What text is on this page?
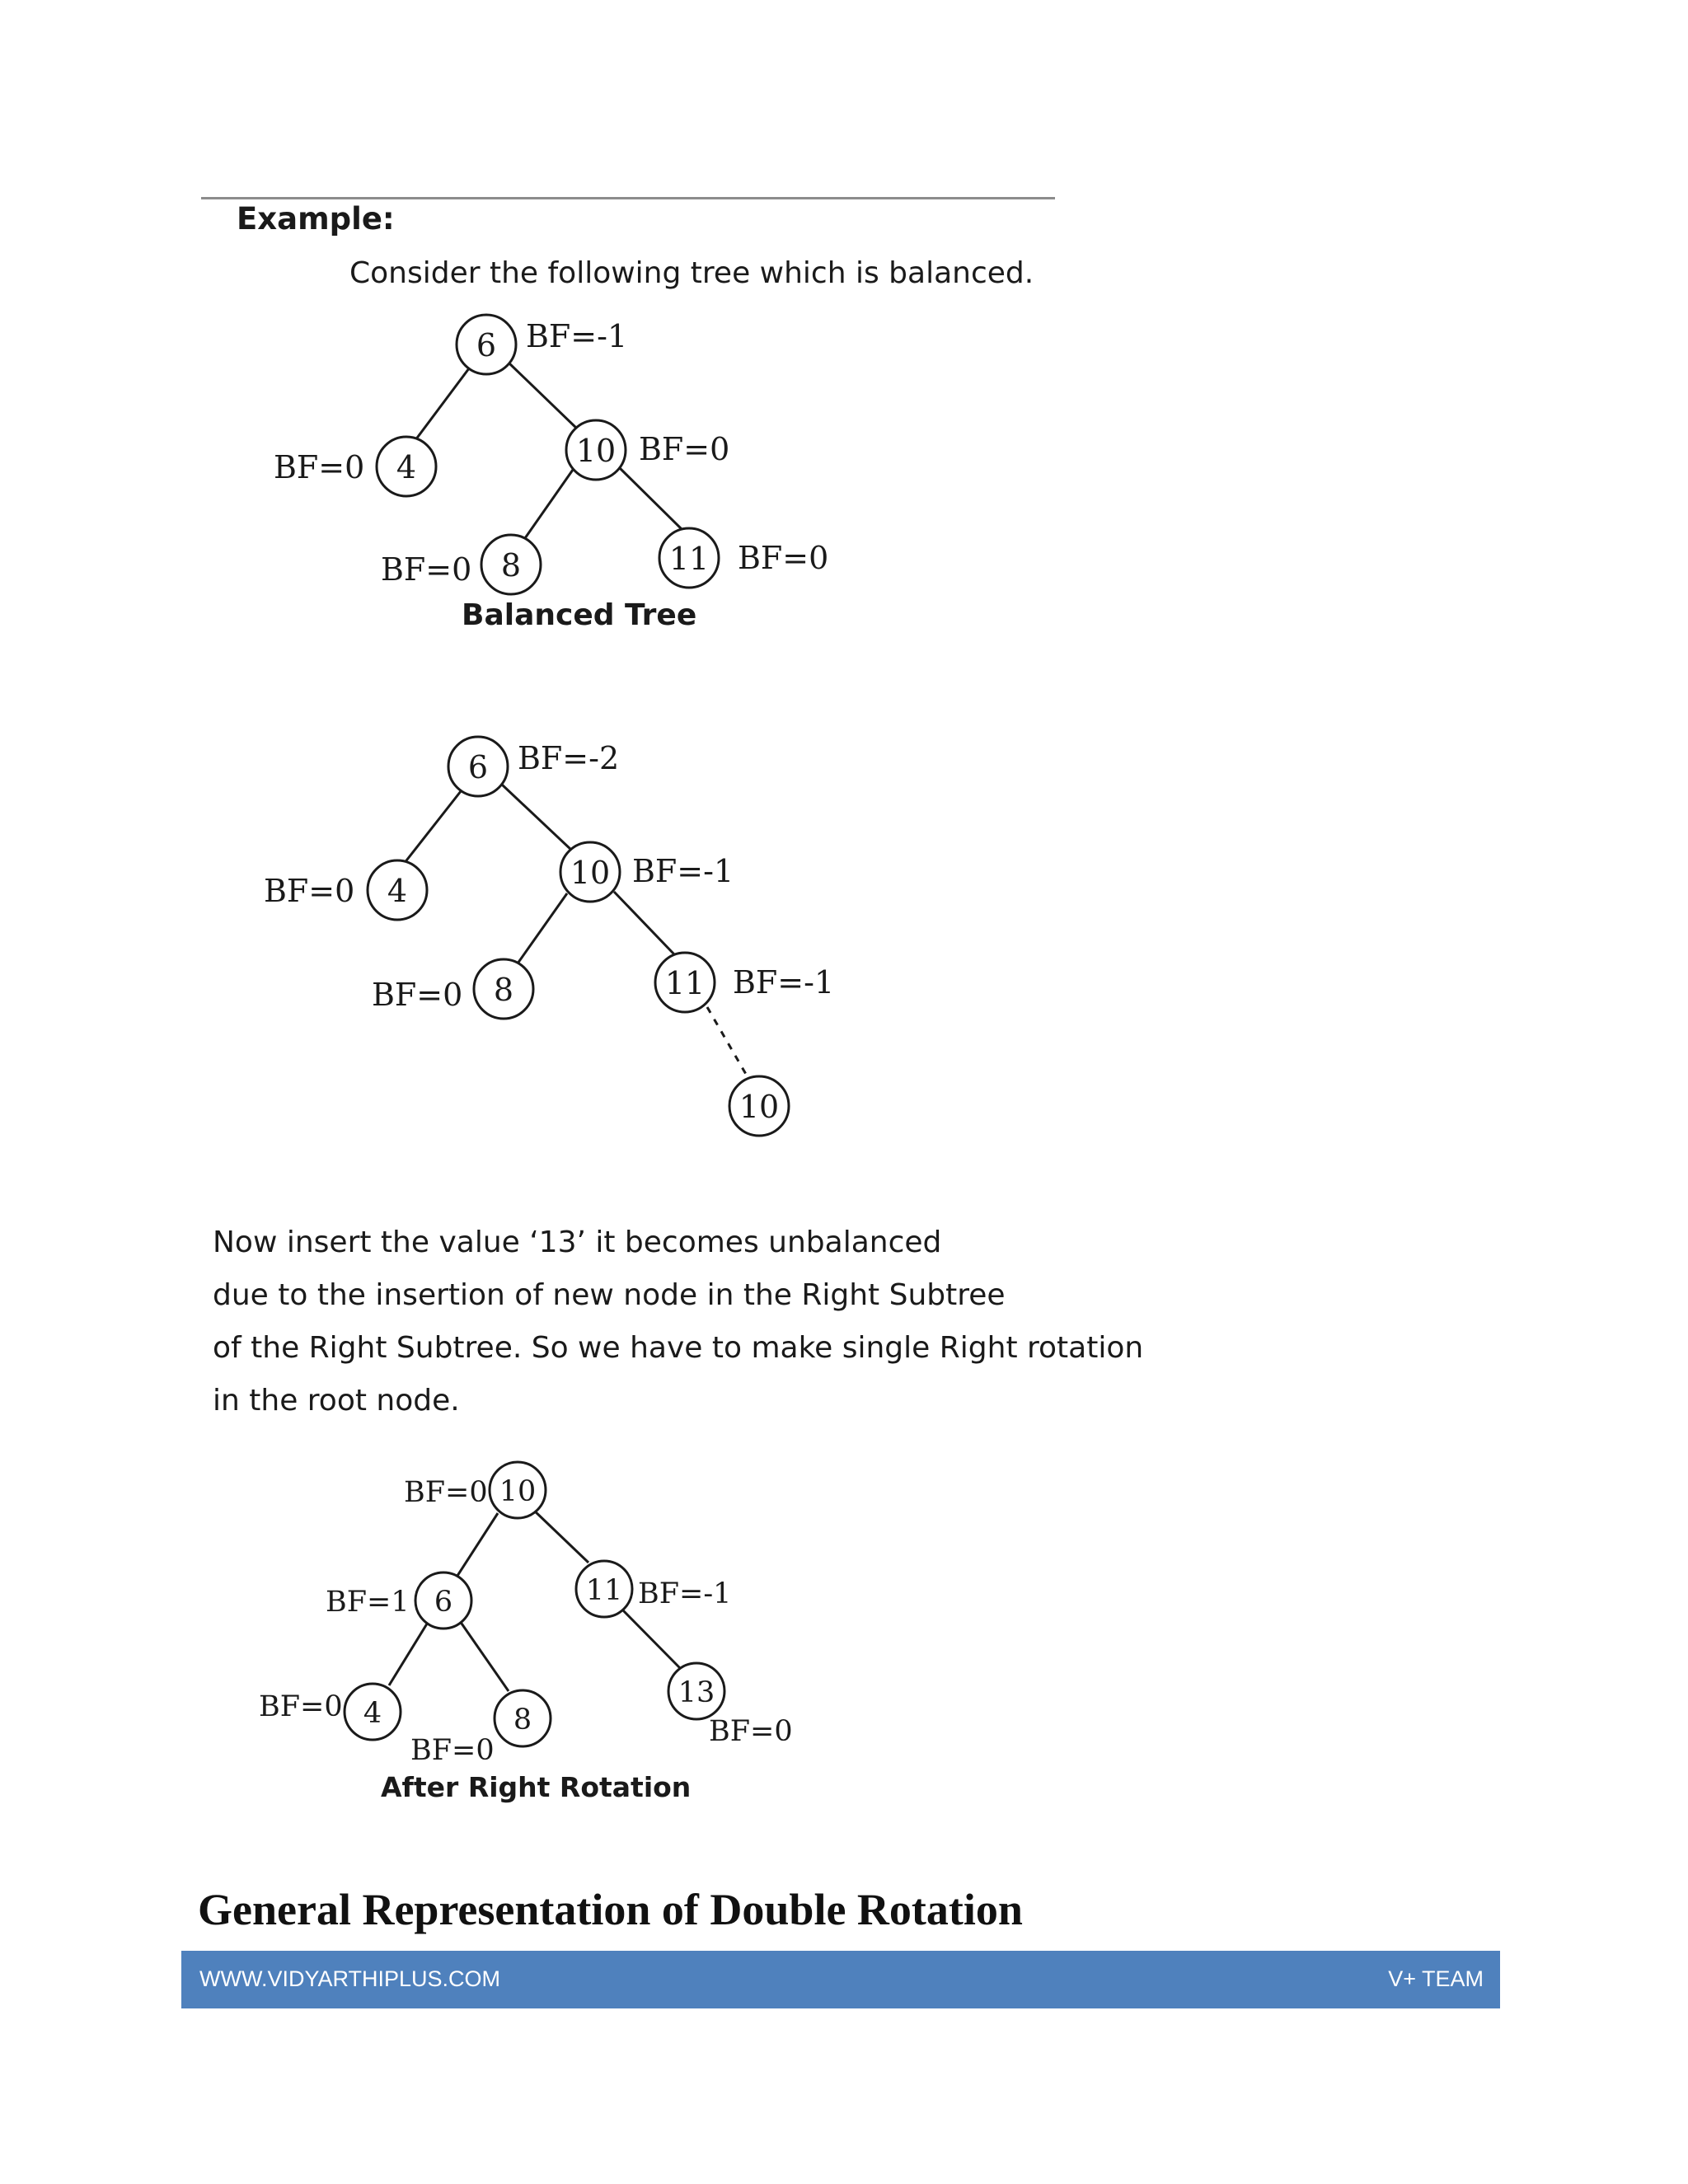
Example:
Consider the following tree which is balanced.
6
4	10
8	11
BF=-1
BF=0	BF=0
BF=0	BF=0
Balanced Tree
6
4	10
8	11
10
BF=-2
BF=0
BF=-1
BF=0	BF=-1
Now insert the value ‘13’ it becomes unbalanced
due to the insertion of new node in the Right Subtree
of the Right Subtree. So we have to make single Right rotation
in the root node.
10
6	11
4	8
13
BF=0
BF=1	BF=-1
BF=0
BF=0
BF=0
After Right Rotation
General Representation of Double Rotation
WWW.VIDYARTHIPLUS.COM	V+ TEAM
